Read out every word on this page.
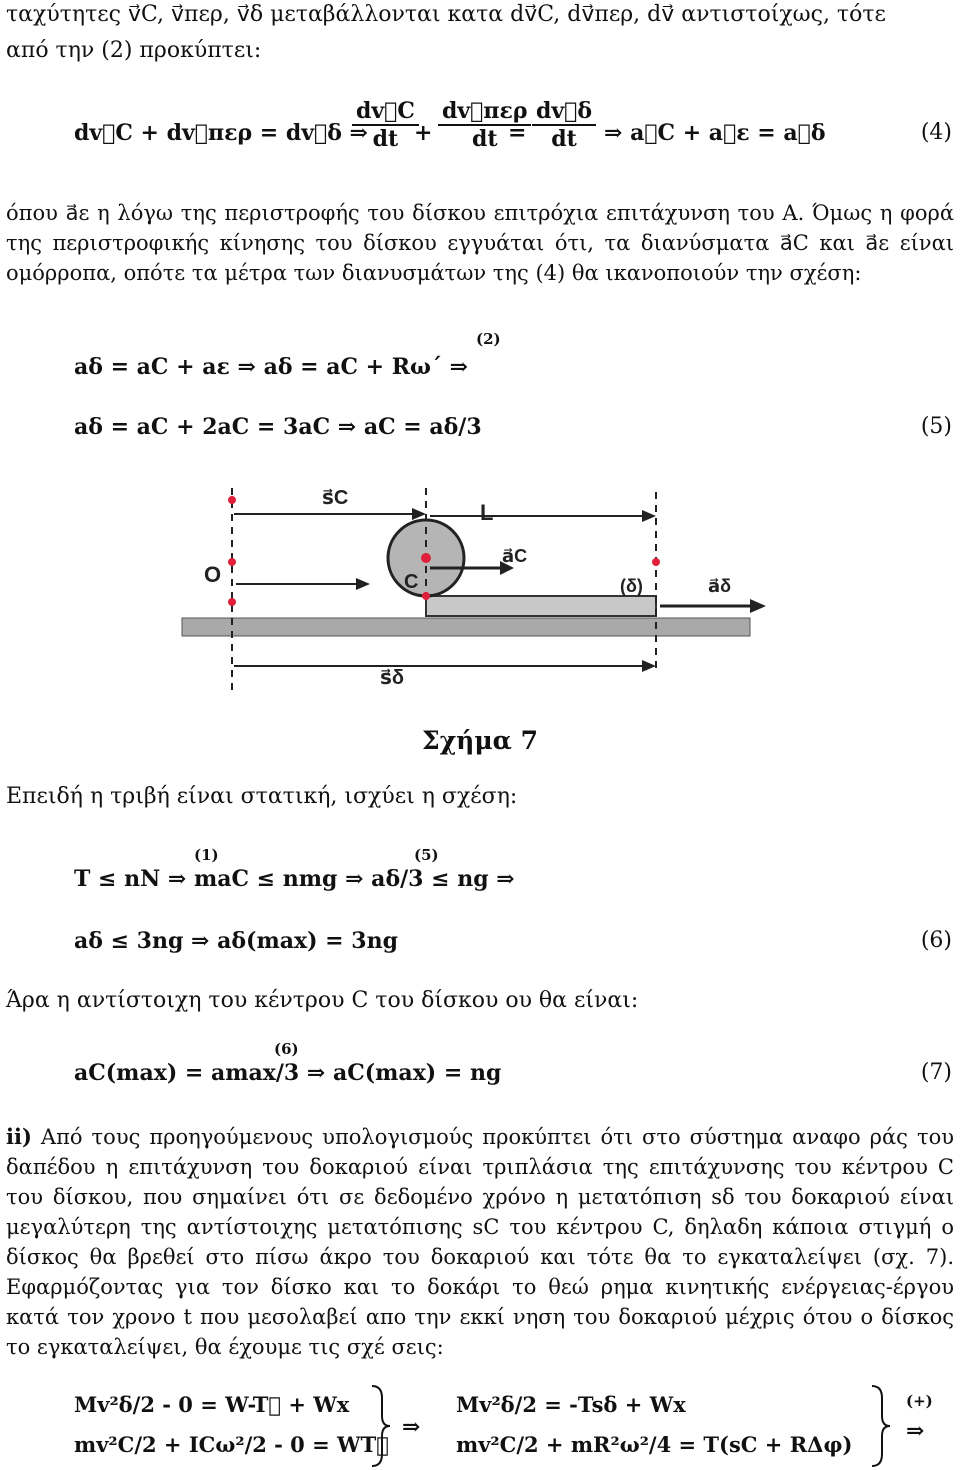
ταχύτητες v⃗C, v⃗περ, v⃗δ μεταβάλλονται κατα dv⃗C, dv⃗περ, dv⃗ αντιστοίχως, τότε
από την (2) προκύπτει:
dv⃗C + dv⃗περ = dv⃗δ ⇒
$\frac{dv⃗C}{dt}$
+
dv⃗περ
dt = $\frac{dv⃗\delta}{dt}$ ⇒ a⃗C + a⃗ε = a⃗δ	(4)
όπου a⃗ε η λόγω της περιστροφής του δίσκου επιτρόχια επιτάχυνση του Α. Όμως η φορά της περιστροφικής κίνησης του δίσκου εγγυάται ότι, τα διανύσματα a⃗C και a⃗ε είναι ομόρροπα, οπότε τα μέτρα των διανυσμάτων της (4) θα ικανοποιούν την σχέση:
(2)
aδ = aC + aε ⇒ aδ = aC + Rω΄ ⇒
aδ = aC + 2aC = 3aC ⇒ aC = aδ/3	(5)
s⃗C
L
a⃗C
O	C	(δ)	a⃗δ
s⃗δ
Σχήμα 7
Επειδή η τριβή είναι στατική, ισχύει η σχέση:
(1)	(5)
T ≤ nN ⇒ maC ≤ nmg ⇒ aδ/3 ≤ ng ⇒
aδ ≤ 3ng ⇒ aδ(max) = 3ng	(6)
Άρα η αντίστοιχη του κέντρου C του δίσκου ου θα είναι:
(6)
aC(max) = amax/3 ⇒ aC(max) = ng	(7)
ii) Από τους προηγούμενους υπολογισμούς προκύπτει ότι στο σύστημα αναφο ράς του δαπέδου η επιτάχυνση του δοκαριού είναι τριπλάσια της επιτάχυνσης του κέντρου C του δίσκου, που σημαίνει ότι σε δεδομένο χρόνο η μετατόπιση sδ του δοκαριού είναι μεγαλύτερη της αντίστοιχης μετατόπισης sC του κέντρου C, δηλαδη κάποια στιγμή ο δίσκος θα βρεθεί στο πίσω άκρο του δοκαριού και τότε θα το εγκαταλείψει (σχ. 7). Εφαρμόζοντας για τον δίσκο και το δοκάρι το θεώ ρημα κινητικής ενέργειας-έργου κατά τον χρονο t που μεσολαβεί απο την εκκί νηση του δοκαριού μέχρις ότου ο δίσκος το εγκαταλείψει, θα έχουμε τις σχέ σεις:
Mv²δ/2 - 0 = W-T⃗ + Wx
mv²C/2 + ICω²/2 - 0 = WT⃗
⇒
Mv²δ/2 = -Tsδ + Wx
mv²C/2 + mR²ω²/4 = T(sC + RΔφ)
(+)
⇒
